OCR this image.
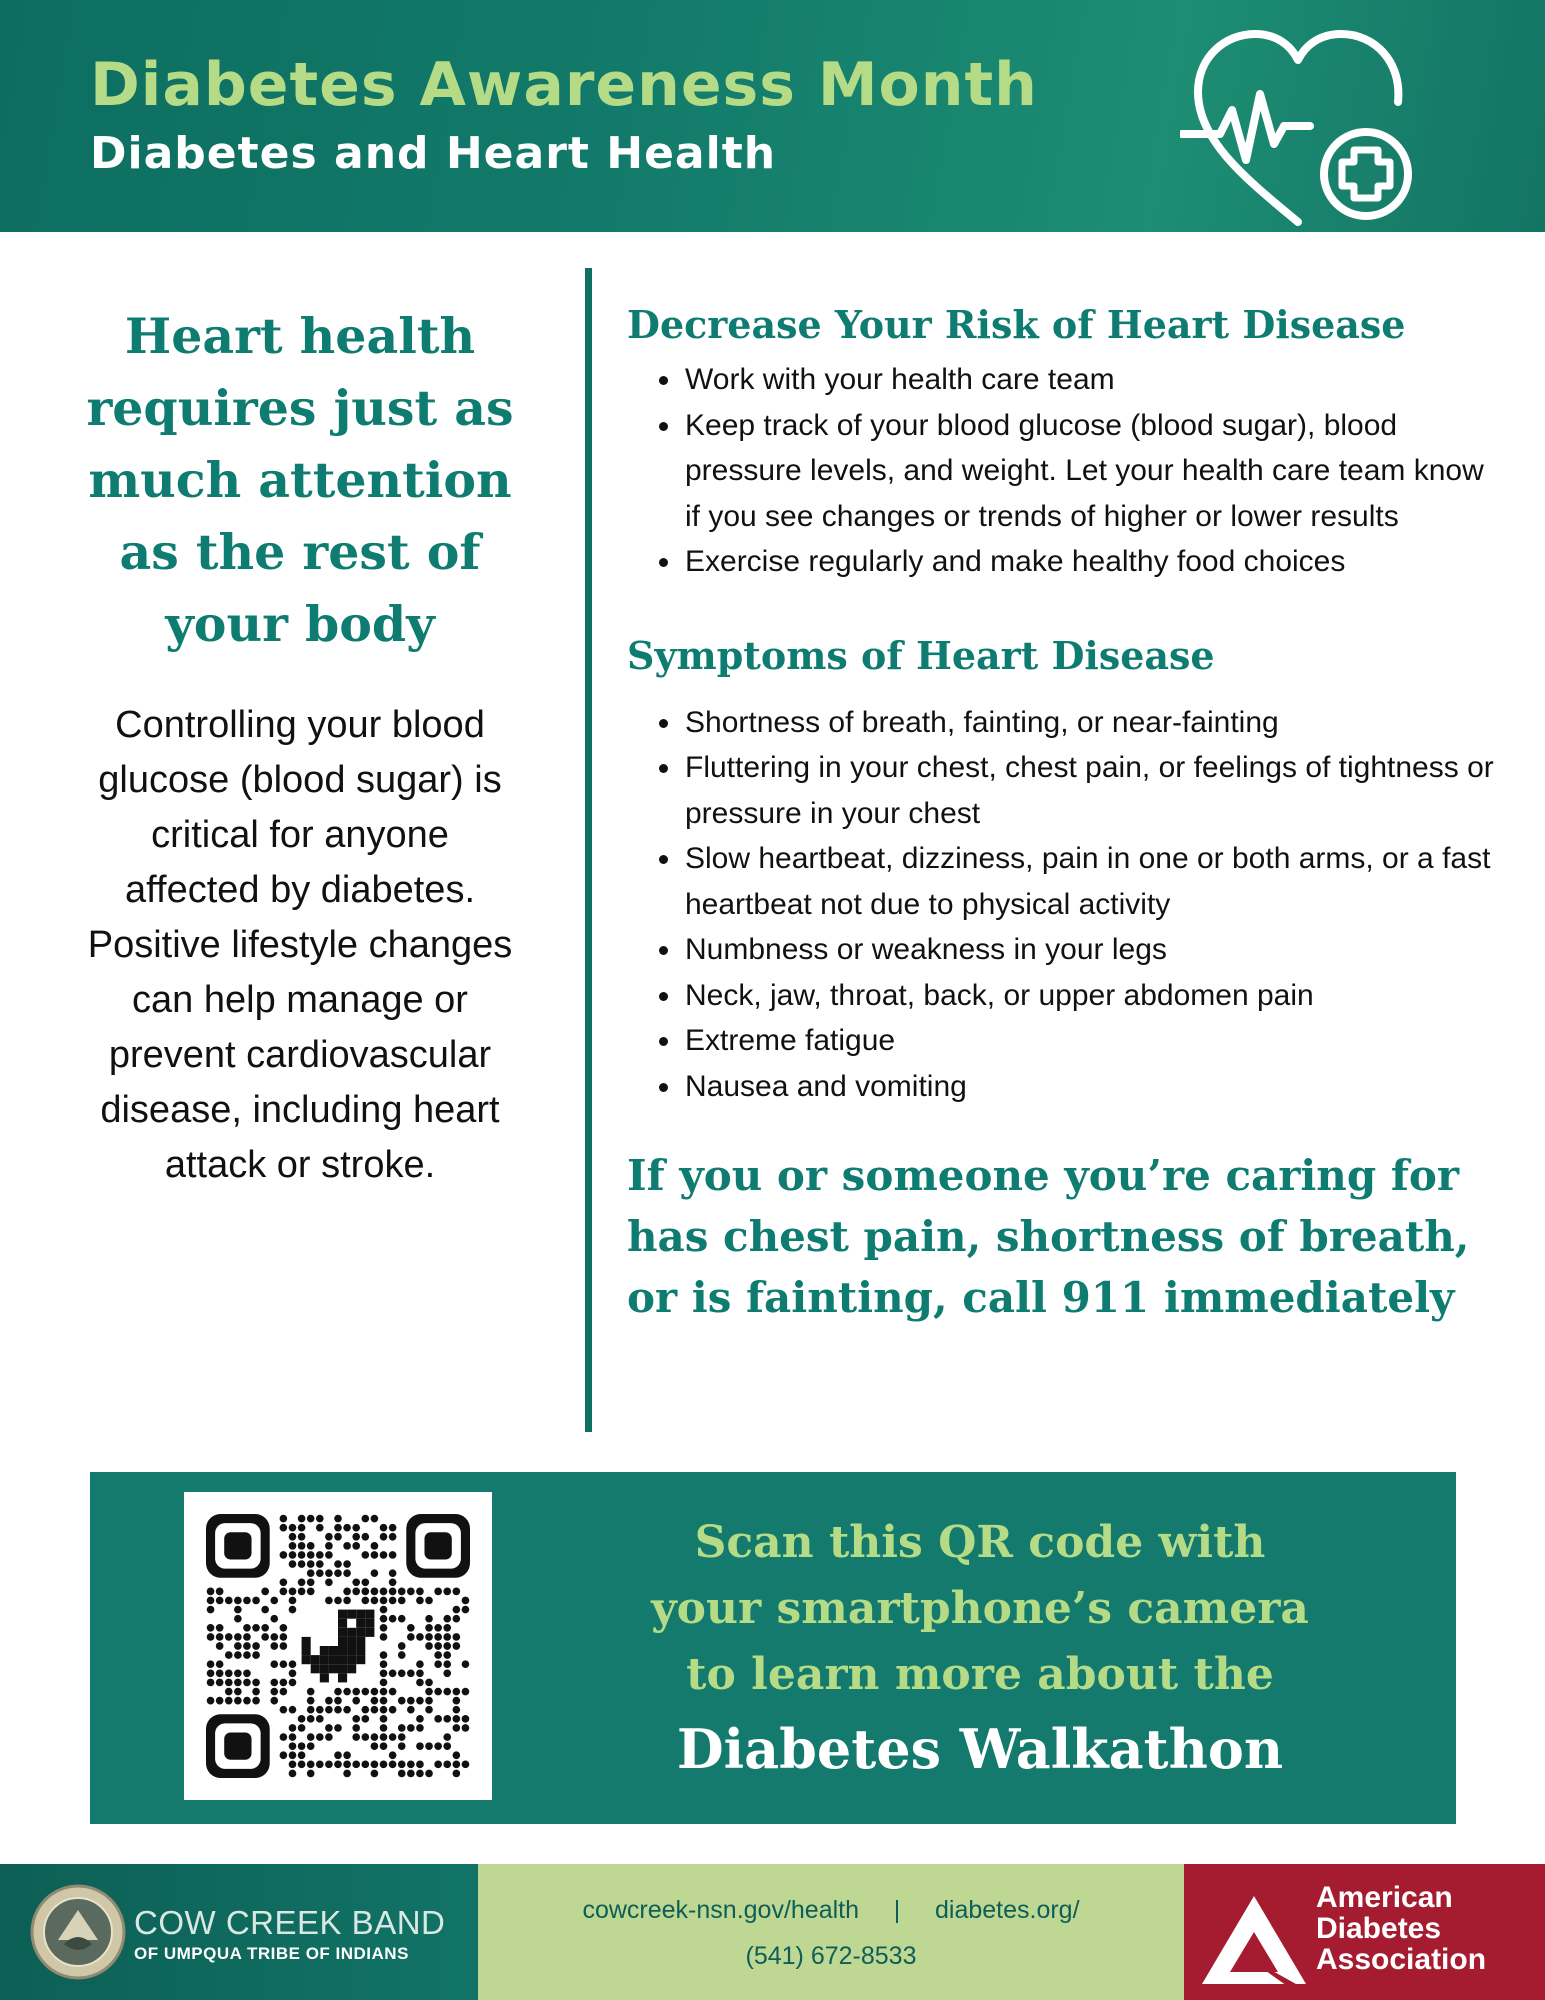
Diabetes Awareness Month
Diabetes and Heart Health
Heart health requires just as much attention as the rest of your body

Controlling your blood glucose (blood sugar) is critical for anyone affected by diabetes. Positive lifestyle changes can help manage or prevent cardiovascular disease, including heart attack or stroke.

Decrease Your Risk of Heart Disease
• Work with your health care team
• Keep track of your blood glucose (blood sugar), blood pressure levels, and weight. Let your health care team know if you see changes or trends of higher or lower results
• Exercise regularly and make healthy food choices
Symptoms of Heart Disease
• Shortness of breath, fainting, or near-fainting
• Fluttering in your chest, chest pain, or feelings of tightness or pressure in your chest
• Slow heartbeat, dizziness, pain in one or both arms, or a fast heartbeat not due to physical activity
• Numbness or weakness in your legs
• Neck, jaw, throat, back, or upper abdomen pain
• Extreme fatigue
• Nausea and vomiting

If you or someone you’re caring for has chest pain, shortness of breath, or is fainting, call 911 immediately

Scan this QR code with

your smartphone’s camera

to learn more about the

Diabetes Walkathon

COW CREEK BAND

OF UMPQUA TRIBE OF INDIANS

cowcreek-nsn.gov/health | diabetes.org/

(541) 672-8533

American
Diabetes
Association
